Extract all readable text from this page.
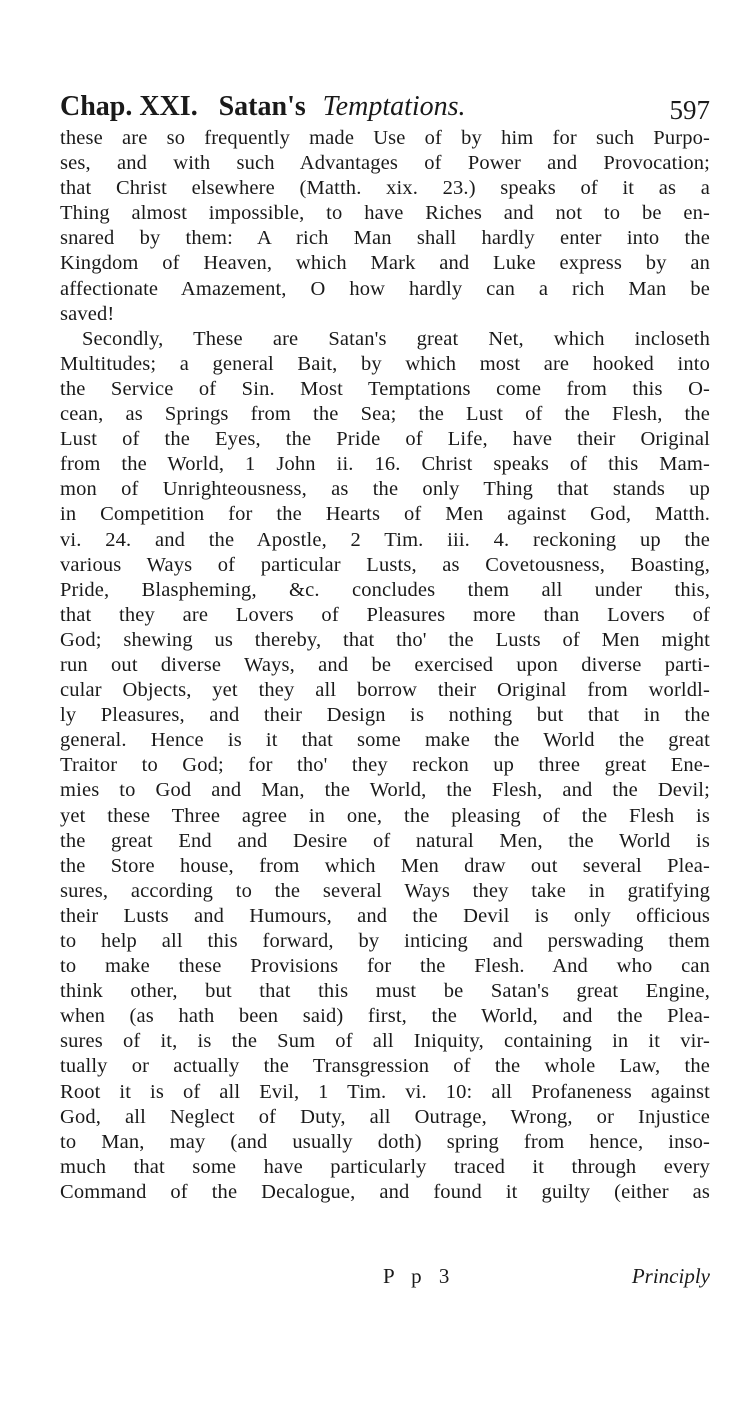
Chap. XXI. Satan's Temptations.	597
these are so frequently made Use of by him for such Purpo-
ses, and with such Advantages of Power and Provocation;
that Christ elsewhere (Matth. xix. 23.) speaks of it as a
Thing almost impossible, to have Riches and not to be en-
snared by them: A rich Man shall hardly enter into the
Kingdom of Heaven, which Mark and Luke express by an
affectionate Amazement, O how hardly can a rich Man be
saved!
Secondly, These are Satan's great Net, which incloseth
Multitudes; a general Bait, by which most are hooked into
the Service of Sin. Most Temptations come from this O-
cean, as Springs from the Sea; the Lust of the Flesh, the
Lust of the Eyes, the Pride of Life, have their Original
from the World, 1 John ii. 16. Christ speaks of this Mam-
mon of Unrighteousness, as the only Thing that stands up
in Competition for the Hearts of Men against God, Matth.
vi. 24. and the Apostle, 2 Tim. iii. 4. reckoning up the
various Ways of particular Lusts, as Covetousness, Boasting,
Pride, Blaspheming, &c. concludes them all under this,
that they are Lovers of Pleasures more than Lovers of
God; shewing us thereby, that tho' the Lusts of Men might
run out diverse Ways, and be exercised upon diverse parti-
cular Objects, yet they all borrow their Original from worldl-
ly Pleasures, and their Design is nothing but that in the
general. Hence is it that some make the World the great
Traitor to God; for tho' they reckon up three great Ene-
mies to God and Man, the World, the Flesh, and the Devil;
yet these Three agree in one, the pleasing of the Flesh is
the great End and Desire of natural Men, the World is
the Store house, from which Men draw out several Plea-
sures, according to the several Ways they take in gratifying
their Lusts and Humours, and the Devil is only officious
to help all this forward, by inticing and perswading them
to make these Provisions for the Flesh. And who can
think other, but that this must be Satan's great Engine,
when (as hath been said) first, the World, and the Plea-
sures of it, is the Sum of all Iniquity, containing in it vir-
tually or actually the Transgression of the whole Law, the
Root it is of all Evil, 1 Tim. vi. 10: all Profaneness against
God, all Neglect of Duty, all Outrage, Wrong, or Injustice
to Man, may (and usually doth) spring from hence, inso-
much that some have particularly traced it through every
Command of the Decalogue, and found it guilty (either as
P p 3	Principly
